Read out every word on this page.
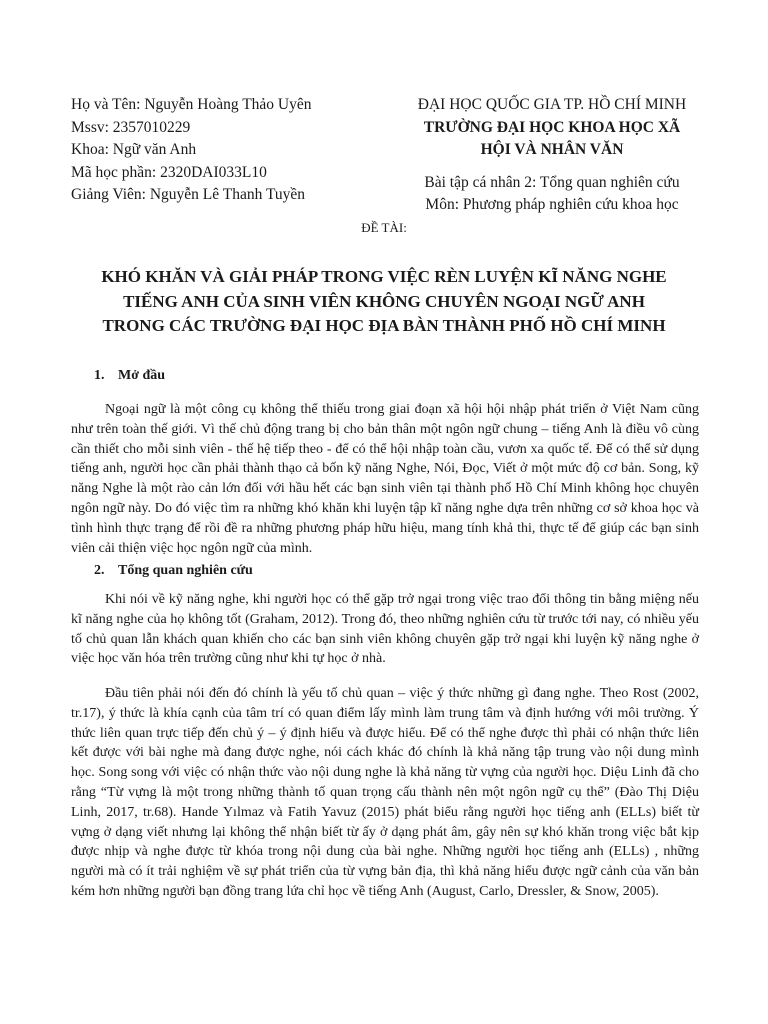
Họ và Tên: Nguyễn Hoàng Thảo Uyên
Mssv: 2357010229
Khoa: Ngữ văn Anh
Mã học phần: 2320DAI033L10
Giảng Viên: Nguyễn Lê Thanh Tuyền
ĐẠI HỌC QUỐC GIA TP. HỒ CHÍ MINH
TRƯỜNG ĐẠI HỌC KHOA HỌC XÃ
HỘI VÀ NHÂN VĂN
Bài tập cá nhân 2: Tổng quan nghiên cứu
Môn: Phương pháp nghiên cứu khoa học
ĐỀ TÀI:
KHÓ KHĂN VÀ GIẢI PHÁP TRONG VIỆC RÈN LUYỆN KĨ NĂNG NGHE
TIẾNG ANH CỦA SINH VIÊN KHÔNG CHUYÊN NGOẠI NGỮ ANH
TRONG CÁC TRƯỜNG ĐẠI HỌC ĐỊA BÀN THÀNH PHỐ HỒ CHÍ MINH
1. Mở đầu
Ngoại ngữ là một công cụ không thể thiếu trong giai đoạn xã hội hội nhập phát triển ở Việt Nam cũng như trên toàn thế giới. Vì thế chủ động trang bị cho bản thân một ngôn ngữ chung – tiếng Anh là điều vô cùng cần thiết cho mỗi sinh viên - thế hệ tiếp theo - để có thể hội nhập toàn cầu, vươn xa quốc tế. Để có thể sử dụng tiếng anh, người học cần phải thành thạo cả bốn kỹ năng Nghe, Nói, Đọc, Viết ở một mức độ cơ bản. Song, kỹ năng Nghe là một rào cản lớn đối với hầu hết các bạn sinh viên tại thành phố Hồ Chí Minh không học chuyên ngôn ngữ này. Do đó việc tìm ra những khó khăn khi luyện tập kĩ năng nghe dựa trên những cơ sở khoa học và tình hình thực trạng để rồi đề ra những phương pháp hữu hiệu, mang tính khả thi, thực tế để giúp các bạn sinh viên cải thiện việc học ngôn ngữ của mình.
2. Tổng quan nghiên cứu
Khi nói về kỹ năng nghe, khi người học có thể gặp trở ngại trong việc trao đổi thông tin bằng miệng nếu kĩ năng nghe của họ không tốt (Graham, 2012). Trong đó, theo những nghiên cứu từ trước tới nay, có nhiều yếu tố chủ quan lẫn khách quan khiến cho các bạn sinh viên không chuyên gặp trở ngại khi luyện kỹ năng nghe ở việc học văn hóa trên trường cũng như khi tự học ở nhà.
Đầu tiên phải nói đến đó chính là yếu tố chủ quan – việc ý thức những gì đang nghe. Theo Rost (2002, tr.17), ý thức là khía cạnh của tâm trí có quan điểm lấy mình làm trung tâm và định hướng với môi trường. Ý thức liên quan trực tiếp đến chủ ý – ý định hiểu và được hiểu. Để có thể nghe được thì phải có nhận thức liên kết được với bài nghe mà đang được nghe, nói cách khác đó chính là khả năng tập trung vào nội dung mình học. Song song với việc có nhận thức vào nội dung nghe là khả năng từ vựng của người học. Diệu Linh đã cho rằng “Từ vựng là một trong những thành tố quan trọng cấu thành nên một ngôn ngữ cụ thể” (Đào Thị Diệu Linh, 2017, tr.68). Hande Yılmaz và Fatih Yavuz (2015) phát biểu rằng người học tiếng anh (ELLs) biết từ vựng ở dạng viết nhưng lại không thể nhận biết từ ấy ở dạng phát âm, gây nên sự khó khăn trong việc bắt kịp được nhịp và nghe được từ khóa trong nội dung của bài nghe. Những người học tiếng anh (ELLs) , những người mà có ít trải nghiệm về sự phát triển của từ vựng bản địa, thì khả năng hiểu được ngữ cảnh của văn bản kém hơn những người bạn đồng trang lứa chỉ học về tiếng Anh (August, Carlo, Dressler, & Snow, 2005).
